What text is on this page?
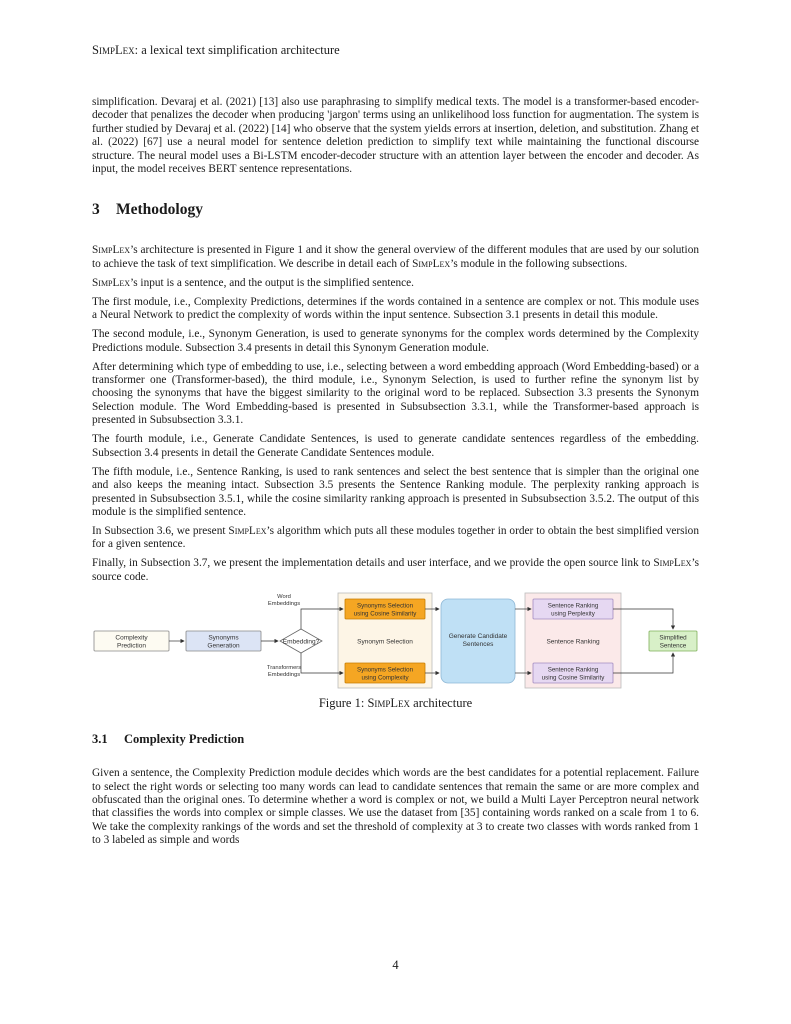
SimpLex: a lexical text simplification architecture

simplification. Devaraj et al. (2021) [13] also use paraphrasing to simplify medical texts. The model is a transformer-based encoder-decoder that penalizes the decoder when producing 'jargon' terms using an unlikelihood loss function for augmentation. The system is further studied by Devaraj et al. (2022) [14] who observe that the system yields errors at insertion, deletion, and substitution. Zhang et al. (2022) [67] use a neural model for sentence deletion prediction to simplify text while maintaining the functional discourse structure. The neural model uses a Bi-LSTM encoder-decoder structure with an attention layer between the encoder and decoder. As input, the model receives BERT sentence representations.

3 Methodology

SimpLex’s architecture is presented in Figure 1 and it show the general overview of the different modules that are used by our solution to achieve the task of text simplification. We describe in detail each of SimpLex’s module in the following subsections.

SimpLex’s input is a sentence, and the output is the simplified sentence.

The first module, i.e., Complexity Predictions, determines if the words contained in a sentence are complex or not. This module uses a Neural Network to predict the complexity of words within the input sentence. Subsection 3.1 presents in detail this module.

The second module, i.e., Synonym Generation, is used to generate synonyms for the complex words determined by the Complexity Predictions module. Subsection 3.4 presents in detail this Synonym Generation module.

After determining which type of embedding to use, i.e., selecting between a word embedding approach (Word Embedding-based) or a transformer one (Transformer-based), the third module, i.e., Synonym Selection, is used to further refine the synonym list by choosing the synonyms that have the biggest similarity to the original word to be replaced. Subsection 3.3 presents the Synonym Selection module. The Word Embedding-based is presented in Subsubsection 3.3.1, while the Transformer-based approach is presented in Subsubsection 3.3.1.

The fourth module, i.e., Generate Candidate Sentences, is used to generate candidate sentences regardless of the embedding. Subsection 3.4 presents in detail the Generate Candidate Sentences module.

The fifth module, i.e., Sentence Ranking, is used to rank sentences and select the best sentence that is simpler than the original one and also keeps the meaning intact. Subsection 3.5 presents the Sentence Ranking module. The perplexity ranking approach is presented in Subsubsection 3.5.1, while the cosine similarity ranking approach is presented in Subsubsection 3.5.2. The output of this module is the simplified sentence.

In Subsection 3.6, we present SimpLex’s algorithm which puts all these modules together in order to obtain the best simplified version for a given sentence.

Finally, in Subsection 3.7, we present the implementation details and user interface, and we provide the open source link to SimpLex’s source code.

Complexity
Prediction
Synonyms
Generation
Embedding?
Word
Embeddings
Transformers
Embeddings
Synonyms Selection
using Cosine Similarity
Synonym Selection
Synonyms Selection
using Complexity
Generate Candidate
Sentences
Sentence Ranking
using Perplexity
Sentence Ranking
Sentence Ranking
using Cosine Similarity
Simplified
Sentence
Figure 1: SimpLex architecture
3.1 Complexity Prediction

Given a sentence, the Complexity Prediction module decides which words are the best candidates for a potential replacement. Failure to select the right words or selecting too many words can lead to candidate sentences that remain the same or are more complex and obfuscated than the original ones. To determine whether a word is complex or not, we build a Multi Layer Perceptron neural network that classifies the words into complex or simple classes. We use the dataset from [35] containing words ranked on a scale from 1 to 6. We take the complexity rankings of the words and set the threshold of complexity at 3 to create two classes with words ranked from 1 to 3 labeled as simple and words

4
